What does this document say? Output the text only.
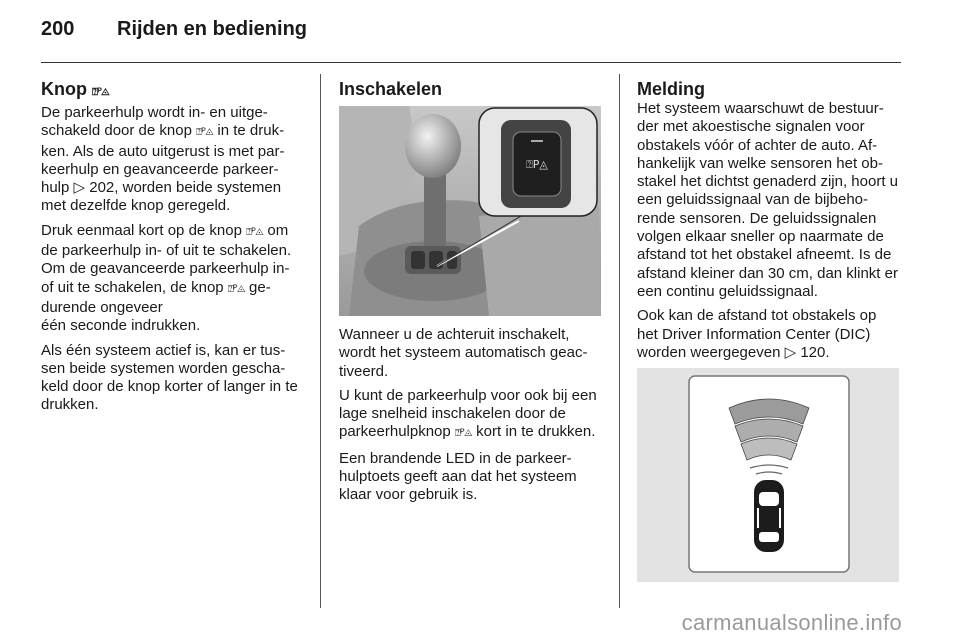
200	Rijden en bediening
Knop ⍰ᴾ◬

De parkeerhulp wordt in- en uitge-schakeld door de knop ⍰ᴾ◬ in te druk-ken. Als de auto uitgerust is met par-keerhulp en geavanceerde parkeer-hulp ▷ 202, worden beide systemen met dezelfde knop geregeld.

Druk eenmaal kort op de knop ⍰ᴾ◬ om de parkeerhulp in- of uit te schakelen. Om de geavanceerde parkeerhulp in- of uit te schakelen, de knop ⍰ᴾ◬ ge-durende ongeveer
één seconde indrukken.

Als één systeem actief is, kan er tus-sen beide systemen worden gescha-keld door de knop korter of langer in te drukken.

Inschakelen
⍰P◬

Wanneer u de achteruit inschakelt, wordt het systeem automatisch geac-tiveerd.

U kunt de parkeerhulp voor ook bij een lage snelheid inschakelen door de parkeerhulpknop ⍰ᴾ◬ kort in te drukken.

Een brandende LED in de parkeer-hulptoets geeft aan dat het systeem klaar voor gebruik is.

Melding

Het systeem waarschuwt de bestuur-der met akoestische signalen voor obstakels vóór of achter de auto. Af-hankelijk van welke sensoren het ob-stakel het dichtst genaderd zijn, hoort u een geluidssignaal van de bijbeho-rende sensoren. De geluidssignalen volgen elkaar sneller op naarmate de afstand tot het obstakel afneemt. Is de afstand kleiner dan 30 cm, dan klinkt er een continu geluidssignaal.

Ook kan de afstand tot obstakels op het Driver Information Center (DIC) worden weergegeven ▷ 120.

carmanualsonline.info
